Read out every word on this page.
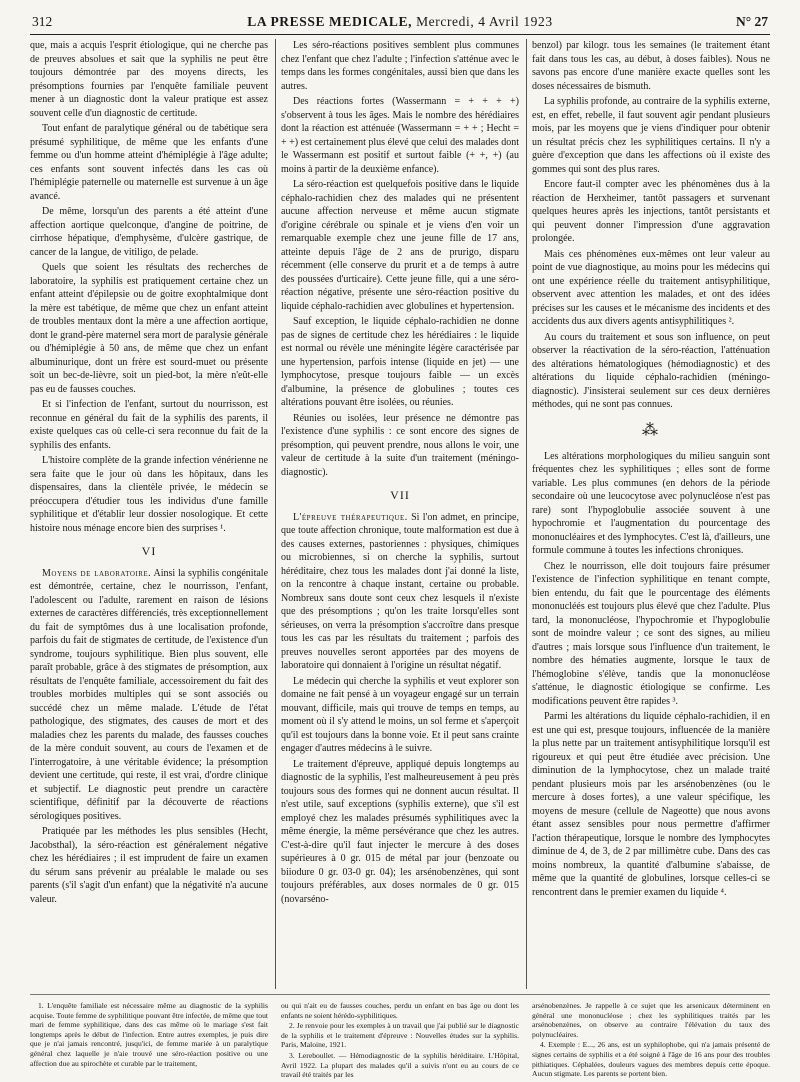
312	LA PRESSE MEDICALE, Mercredi, 4 Avril 1923	N° 27

que, mais a acquis l'esprit étiologique, qui ne cherche pas de preuves absolues et sait que la syphilis ne peut être toujours démontrée par des moyens directs, les présomptions fournies par l'enquête familiale peuvent mener à un diagnostic dont la valeur pratique est assez souvent celle d'un diagnostic de certitude.

Tout enfant de paralytique général ou de tabétique sera présumé syphilitique, de même que les enfants d'une femme ou d'un homme atteint d'hémiplégie à l'âge adulte; ces enfants sont souvent infectés dans les cas où l'hémiplégie paternelle ou maternelle est survenue à un âge avancé.

De même, lorsqu'un des parents a été atteint d'une affection aortique quelconque, d'angine de poitrine, de cirrhose hépatique, d'emphysème, d'ulcère gastrique, de cancer de la langue, de vitiligo, de pelade.

Quels que soient les résultats des recherches de laboratoire, la syphilis est pratiquement certaine chez un enfant atteint d'épilepsie ou de goitre exophtalmique dont la mère est tabétique, de même que chez un enfant atteint de troubles mentaux dont la mère a une affection aortique, dont le grand-père maternel sera mort de paralysie générale ou d'hémiplégie à 50 ans, de même que chez un enfant albuminurique, dont un frère est sourd-muet ou présente soit un bec-de-lièvre, soit un pied-bot, la mère n'eût-elle pas eu de fausses couches.

Et si l'infection de l'enfant, surtout du nourrisson, est reconnue en général du fait de la syphilis des parents, il existe quelques cas où celle-ci sera reconnue du fait de la syphilis des enfants.

L'histoire complète de la grande infection vénérienne ne sera faite que le jour où dans les hôpitaux, dans les dispensaires, dans la clientèle privée, le médecin se préoccupera d'étudier tous les individus d'une famille syphilitique et d'établir leur dossier nosologique. Et cette histoire nous ménage encore bien des surprises ¹.

VI

Moyens de laboratoire. Ainsi la syphilis congénitale est démontrée, certaine, chez le nourrisson, l'enfant, l'adolescent ou l'adulte, rarement en raison de lésions externes de caractères différenciés, très exceptionnellement du fait de symptômes dus à une localisation profonde, parfois du fait de stigmates de certitude, de l'existence d'un syndrome, toujours syphilitique. Bien plus souvent, elle paraît probable, grâce à des stigmates de présomption, aux résultats de l'enquête familiale, accessoirement du fait des troubles morbides multiples qui se sont associés ou succédé chez un même malade. L'étude de l'état pathologique, des stigmates, des causes de mort et des maladies chez les parents du malade, des fausses couches de la mère conduit souvent, au cours de l'examen et de l'interrogatoire, à une véritable évidence; la présomption devient une certitude, qui reste, il est vrai, d'ordre clinique et subjectif. Le diagnostic peut prendre un caractère scientifique, définitif par la découverte de réactions sérologiques positives.

Pratiquée par les méthodes les plus sensibles (Hecht, Jacobsthal), la séro-réaction est généralement négative chez les hérédiaires ; il est imprudent de faire un examen du sérum sans prévenir au préalable le malade ou ses parents (s'il s'agit d'un enfant) que la négativité n'a aucune valeur.

Les séro-réactions positives semblent plus communes chez l'enfant que chez l'adulte ; l'infection s'atténue avec le temps dans les formes congénitales, aussi bien que dans les autres.

Des réactions fortes (Wassermann = + + + +) s'observent à tous les âges. Mais le nombre des hérédiaires dont la réaction est atténuée (Wassermann = + + ; Hecht = + +) est certainement plus élevé que celui des malades dont le Wassermann est positif et surtout faible (+ +, +) (au moins à partir de la deuxième enfance).

La séro-réaction est quelquefois positive dans le liquide céphalo-rachidien chez des malades qui ne présentent aucune affection nerveuse et même aucun stigmate d'origine cérébrale ou spinale et je viens d'en voir un remarquable exemple chez une jeune fille de 17 ans, atteinte depuis l'âge de 2 ans de prurigo, disparu récemment (elle conserve du prurit et a de temps à autre des poussées d'urticaire). Cette jeune fille, qui a une séro-réaction négative, présente une séro-réaction positive du liquide céphalo-rachidien avec globulines et hypertension.

Sauf exception, le liquide céphalo-rachidien ne donne pas de signes de certitude chez les hérédiaires : le liquide est normal ou révèle une méningite légère caractérisée par une hypertension, parfois intense (liquide en jet) — une lymphocytose, presque toujours faible — un excès d'albumine, la présence de globulines ; toutes ces altérations pouvant être isolées, ou réunies.

Réunies ou isolées, leur présence ne démontre pas l'existence d'une syphilis : ce sont encore des signes de présomption, qui peuvent prendre, nous allons le voir, une valeur de certitude à la suite d'un traitement (méningo-diagnostic).

VII

L'épreuve thérapeutique. Si l'on admet, en principe, que toute affection chronique, toute malformation est due à des causes externes, pastoriennes : physiques, chimiques ou microbiennes, si on cherche la syphilis, surtout héréditaire, chez tous les malades dont j'ai donné la liste, on la rencontre à chaque instant, certaine ou probable. Nombreux sans doute sont ceux chez lesquels il n'existe que des présomptions ; qu'on les traite lorsqu'elles sont sérieuses, on verra la présomption s'accroître dans presque tous les cas par les résultats du traitement ; parfois des preuves nouvelles seront apportées par des moyens de laboratoire qui donnaient à l'origine un résultat négatif.

Le médecin qui cherche la syphilis et veut explorer son domaine ne fait pensé à un voyageur engagé sur un terrain mouvant, difficile, mais qui trouve de temps en temps, au moment où il s'y attend le moins, un sol ferme et s'aperçoit qu'il est toujours dans la bonne voie. Et il peut sans crainte engager d'autres médecins à le suivre.

Le traitement d'épreuve, appliqué depuis longtemps au diagnostic de la syphilis, l'est malheureusement à peu près toujours sous des formes qui ne donnent aucun résultat. Il n'est utile, sauf exceptions (syphilis externe), que s'il est employé chez les malades présumés syphilitiques avec la même énergie, la même persévérance que chez les autres. C'est-à-dire qu'il faut injecter le mercure à des doses supérieures à 0 gr. 015 de métal par jour (benzoate ou biiodure 0 gr. 03-0 gr. 04); les arsénobenzènes, qui sont toujours préférables, aux doses normales de 0 gr. 015 (novarséno-

benzol) par kilogr. tous les semaines (le traitement étant fait dans tous les cas, au début, à doses faibles). Nous ne savons pas encore d'une manière exacte quelles sont les doses nécessaires de bismuth.

La syphilis profonde, au contraire de la syphilis externe, est, en effet, rebelle, il faut souvent agir pendant plusieurs mois, par les moyens que je viens d'indiquer pour obtenir un résultat précis chez les syphilitiques certains. Il n'y a guère d'exception que dans les affections où il existe des gommes qui sont des plus rares.

Encore faut-il compter avec les phénomènes dus à la réaction de Herxheimer, tantôt passagers et survenant quelques heures après les injections, tantôt persistants et qui peuvent donner l'impression d'une aggravation prolongée.

Mais ces phénomènes eux-mêmes ont leur valeur au point de vue diagnostique, au moins pour les médecins qui ont une expérience réelle du traitement antisyphilitique, observent avec attention les malades, et ont des idées précises sur les causes et le mécanisme des incidents et des accidents dus aux divers agents antisyphilitiques ².

Au cours du traitement et sous son influence, on peut observer la réactivation de la séro-réaction, l'atténuation des altérations hématologiques (hémodiagnostic) et des altérations du liquide céphalo-rachidien (méningo-diagnostic). J'insisterai seulement sur ces deux dernières méthodes, qui ne sont pas connues.

⁂

Les altérations morphologiques du milieu sanguin sont fréquentes chez les syphilitiques ; elles sont de forme variable. Les plus communes (en dehors de la période secondaire où une leucocytose avec polynucléose n'est pas rare) sont l'hypoglobulie associée souvent à une hypochromie et l'augmentation du pourcentage des mononucléaires et des lymphocytes. C'est là, d'ailleurs, une formule commune à toutes les infections chroniques.

Chez le nourrisson, elle doit toujours faire présumer l'existence de l'infection syphilitique en tenant compte, bien entendu, du fait que le pourcentage des éléments mononucléés est toujours plus élevé que chez l'adulte. Plus tard, la mononucléose, l'hypochromie et l'hypoglobulie sont de moindre valeur ; ce sont des signes, au milieu d'autres ; mais lorsque sous l'influence d'un traitement, le nombre des hématies augmente, lorsque le taux de l'hémoglobine s'élève, tandis que la mononucléose s'atténue, le diagnostic étiologique se confirme. Les modifications peuvent être rapides ³.

Parmi les altérations du liquide céphalo-rachidien, il en est une qui est, presque toujours, influencée de la manière la plus nette par un traitement antisyphilitique lorsqu'il est rigoureux et qui peut être étudiée avec précision. Une diminution de la lymphocytose, chez un malade traité pendant plusieurs mois par les arsénobenzènes (ou le mercure à doses fortes), a une valeur spécifique, les moyens de mesure (cellule de Nageotte) que nous avons étant assez sensibles pour nous permettre d'affirmer l'action thérapeutique, lorsque le nombre des lymphocytes diminue de 4, de 3, de 2 par millimètre cube. Dans des cas moins nombreux, la quantité d'albumine s'abaisse, de même que la quantité de globulines, lorsque celles-ci se rencontrent dans le premier examen du liquide ⁴.

1. L'enquête familiale est nécessaire même au diagnostic de la syphilis acquise. Toute femme de syphilitique pouvant être infectée, de même que tout mari de femme syphilitique, dans des cas même où le mariage s'est fait longtemps après le début de l'infection. Entre autres exemples, je puis dire que je n'ai jamais rencontré, jusqu'ici, de femme mariée à un paralytique général chez laquelle je n'aie trouvé une séro-réaction positive ou une affection due au spirochète et curable par le traitement,

ou qui n'ait eu de fausses couches, perdu un enfant en bas âge ou dont les enfants ne soient hérédo-syphilitiques.

2. Je renvoie pour les exemples à un travail que j'ai publié sur le diagnostic de la syphilis et le traitement d'épreuve : Nouvelles études sur la syphilis. Paris, Maloine, 1921.

3. Lereboullet. — Hémodiagnostic de la syphilis héréditaire. L'Hôpital, Avril 1922. La plupart des malades qu'il a suivis n'ont eu au cours de ce travail été traités par les

arsénobenzènes. Je rappelle à ce sujet que les arsenicaux déterminent en général une mononucléose ; chez les syphilitiques traités par les arsénobenzènes, on observe au contraire l'élévation du taux des polynucléaires.

4. Exemple : E..., 26 ans, est un syphilophobe, qui n'a jamais présenté de signes certains de syphilis et a été soigné à l'âge de 16 ans pour des troubles pithiatiques. Céphalées, douleurs vagues des membres depuis cette époque. Aucun stigmate. Les parents se portent bien.
